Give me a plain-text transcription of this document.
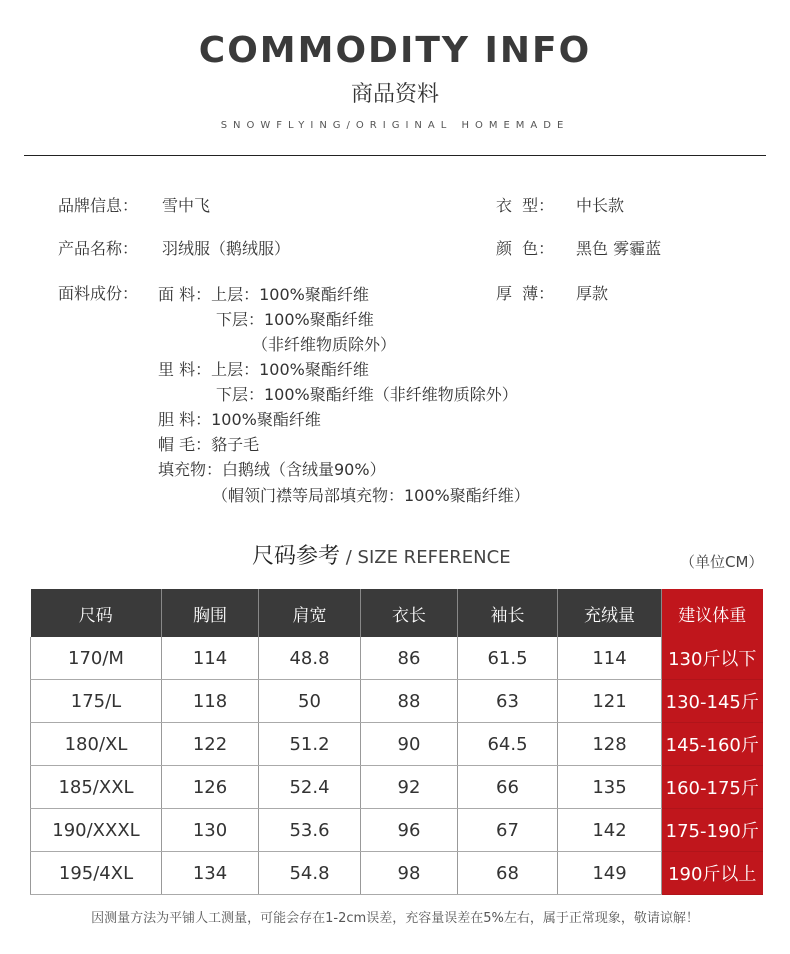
COMMODITY INFO
商品资料
SNOWFLYING/ORIGINAL HOMEMADE
品牌信息： 雪中飞
产品名称： 羽绒服（鹅绒服）
面料成份： 面 料：上层：100%聚酯纤维
下层：100%聚酯纤维
（非纤维物质除外）
里 料：上层：100%聚酯纤维
下层：100%聚酯纤维（非纤维物质除外）
胆 料：100%聚酯纤维
帽 毛：貉子毛
填充物：白鹅绒（含绒量90%）
（帽领门襟等局部填充物：100%聚酯纤维）
衣  型： 中长款
颜  色： 黑色 雾霾蓝
厚  薄： 厚款
尺码参考 / SIZE REFERENCE	（单位CM）
尺码	胸围	肩宽	衣长	袖长	充绒量	建议体重
170/M	114	48.8	86	61.5	114	130斤以下
175/L	118	50	88	63	121	130-145斤
180/XL	122	51.2	90	64.5	128	145-160斤
185/XXL	126	52.4	92	66	135	160-175斤
190/XXXL	130	53.6	96	67	142	175-190斤
195/4XL	134	54.8	98	68	149	190斤以上
因测量方法为平铺人工测量，可能会存在1-2cm误差，充容量误差在5%左右，属于正常现象，敬请谅解！
